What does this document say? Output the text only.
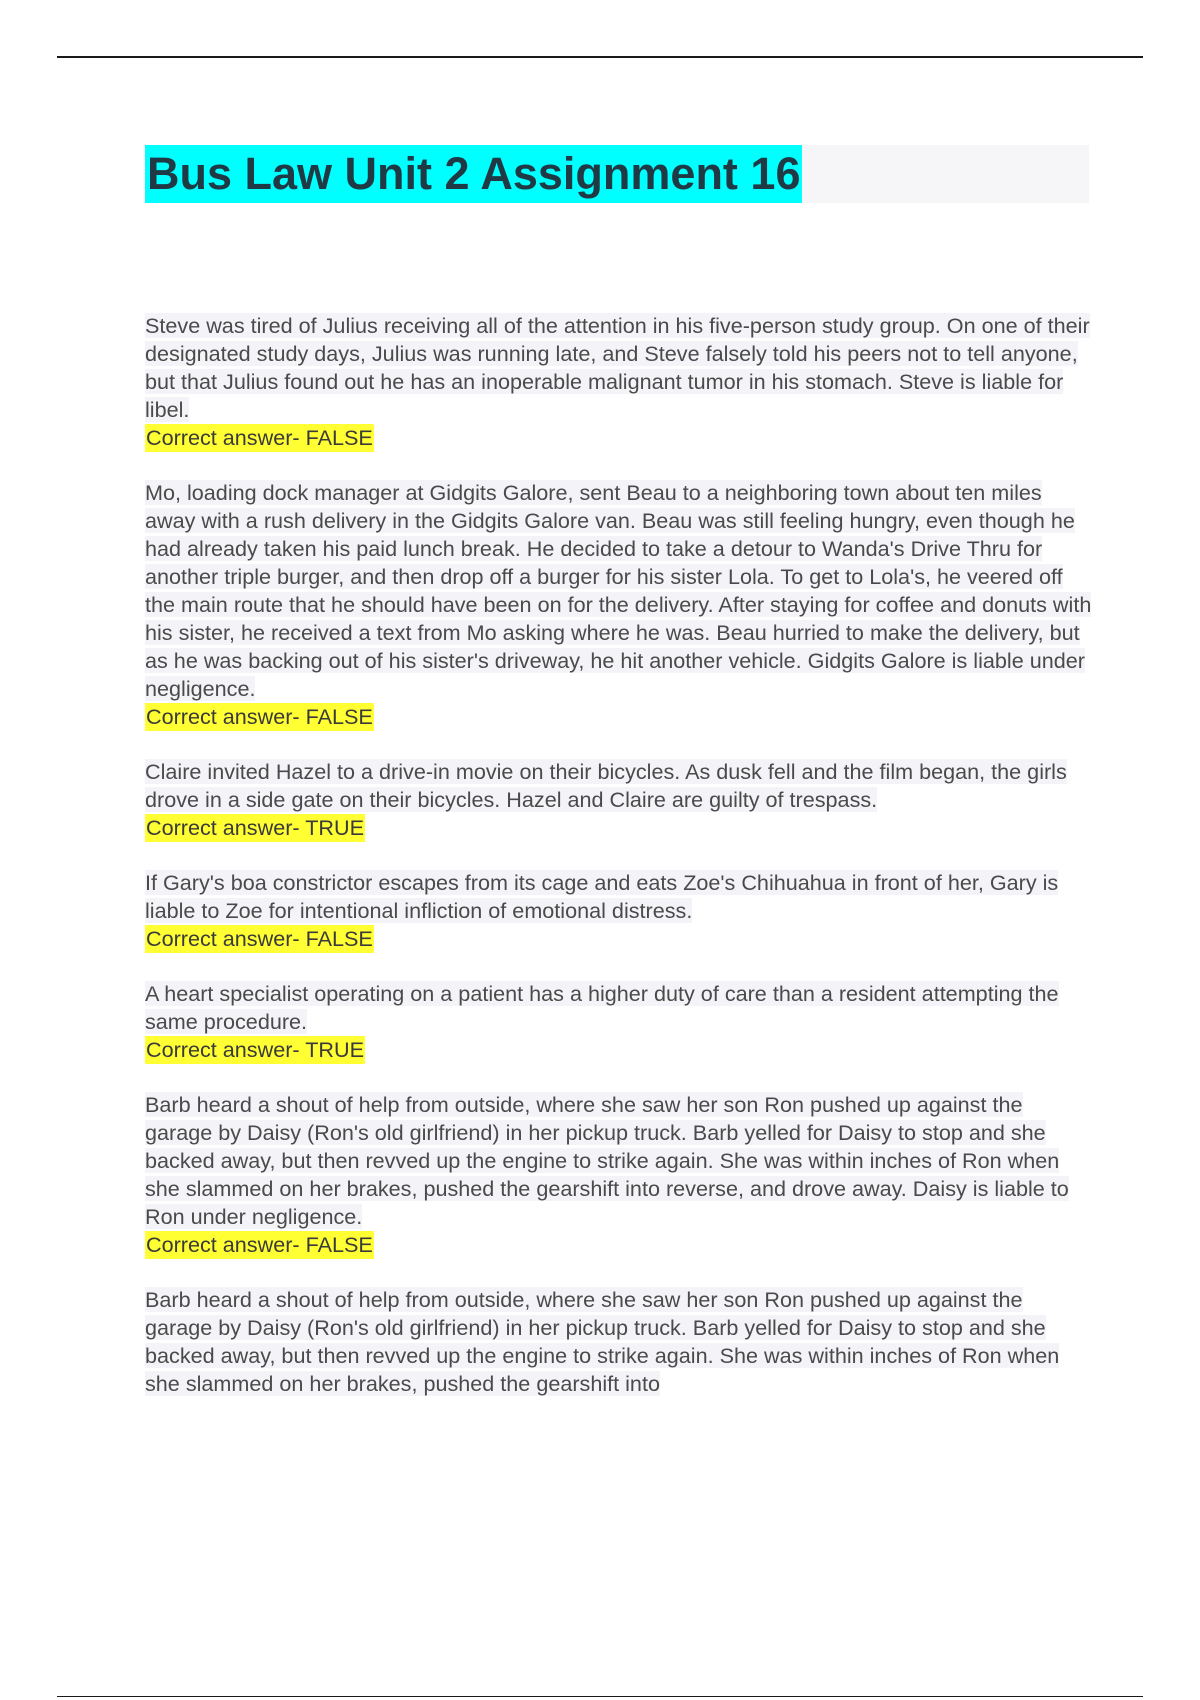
Bus Law Unit 2 Assignment 16

Steve was tired of Julius receiving all of the attention in his five-person study group. On one of their designated study days, Julius was running late, and Steve falsely told his peers not to tell anyone, but that Julius found out he has an inoperable malignant tumor in his stomach. Steve is liable for libel.

Correct answer- FALSE

Mo, loading dock manager at Gidgits Galore, sent Beau to a neighboring town about ten miles away with a rush delivery in the Gidgits Galore van. Beau was still feeling hungry, even though he had already taken his paid lunch break. He decided to take a detour to Wanda's Drive Thru for another triple burger, and then drop off a burger for his sister Lola. To get to Lola's, he veered off the main route that he should have been on for the delivery. After staying for coffee and donuts with his sister, he received a text from Mo asking where he was. Beau hurried to make the delivery, but as he was backing out of his sister's driveway, he hit another vehicle. Gidgits Galore is liable under negligence.

Correct answer- FALSE

Claire invited Hazel to a drive-in movie on their bicycles. As dusk fell and the film began, the girls drove in a side gate on their bicycles. Hazel and Claire are guilty of trespass.

Correct answer- TRUE

If Gary's boa constrictor escapes from its cage and eats Zoe's Chihuahua in front of her, Gary is liable to Zoe for intentional infliction of emotional distress.

Correct answer- FALSE

A heart specialist operating on a patient has a higher duty of care than a resident attempting the same procedure.

Correct answer- TRUE

Barb heard a shout of help from outside, where she saw her son Ron pushed up against the garage by Daisy (Ron's old girlfriend) in her pickup truck. Barb yelled for Daisy to stop and she backed away, but then revved up the engine to strike again. She was within inches of Ron when she slammed on her brakes, pushed the gearshift into reverse, and drove away. Daisy is liable to Ron under negligence.

Correct answer- FALSE

Barb heard a shout of help from outside, where she saw her son Ron pushed up against the garage by Daisy (Ron's old girlfriend) in her pickup truck. Barb yelled for Daisy to stop and she backed away, but then revved up the engine to strike again. She was within inches of Ron when she slammed on her brakes, pushed the gearshift into
